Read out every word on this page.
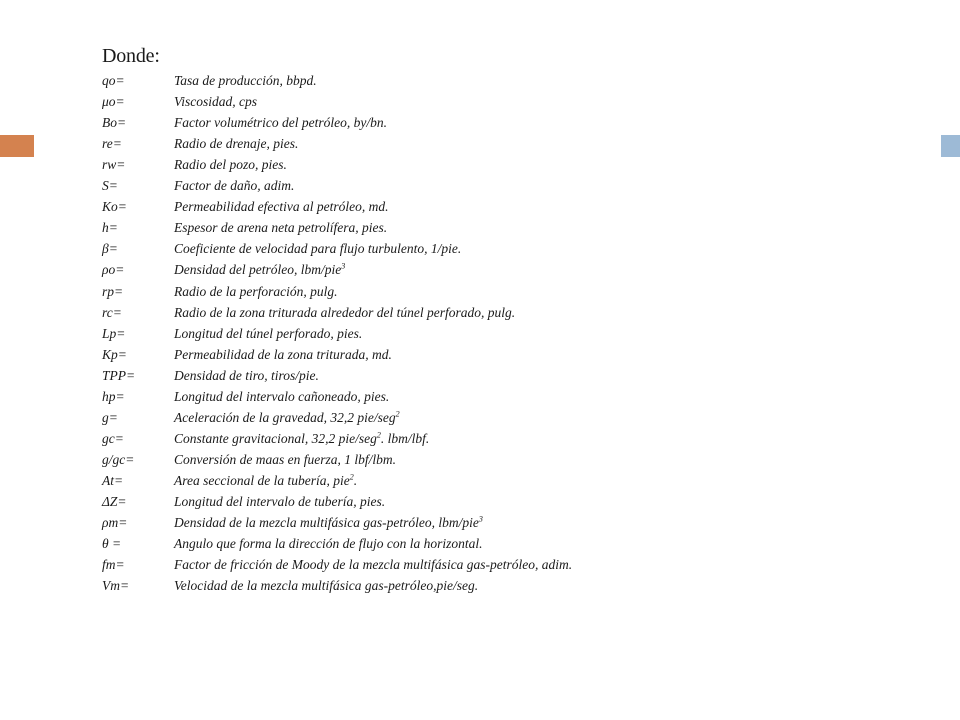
Donde:
qo=	Tasa de producción, bbpd.
μo=	Viscosidad, cps
Bo=	Factor volumétrico del petróleo, by/bn.
re=	Radio de drenaje, pies.
rw=	Radio del pozo, pies.
S=	Factor de daño, adim.
Ko=	Permeabilidad efectiva al petróleo, md.
h=	Espesor de arena neta petrolífera, pies.
β=	Coeficiente de velocidad para flujo turbulento, 1/pie.
ρo=	Densidad del petróleo, lbm/pie$^3$
rp=	Radio de la perforación, pulg.
rc=	Radio de la zona triturada alrededor del túnel perforado, pulg.
Lp=	Longitud del túnel perforado, pies.
Kp=	Permeabilidad de la zona triturada, md.
TPP=	Densidad de tiro, tiros/pie.
hp=	Longitud del intervalo cañoneado, pies.
g=	Aceleración de la gravedad, 32,2 pie/seg$^2$
gc=	Constante gravitacional, 32,2 pie/seg$^2$. lbm/lbf.
g/gc=	Conversión de maas en fuerza, 1 lbf/lbm.
At=	Area seccional de la tubería, pie$^2$.
ΔZ=	Longitud del intervalo de tubería, pies.
ρm=	Densidad de la mezcla multifásica gas-petróleo, lbm/pie$^3$
θ =	Angulo que forma la dirección de flujo con la horizontal.
fm=	Factor de fricción de Moody de la mezcla multifásica gas-petróleo, adim.
Vm=	Velocidad de la mezcla multifásica gas-petróleo,pie/seg.
